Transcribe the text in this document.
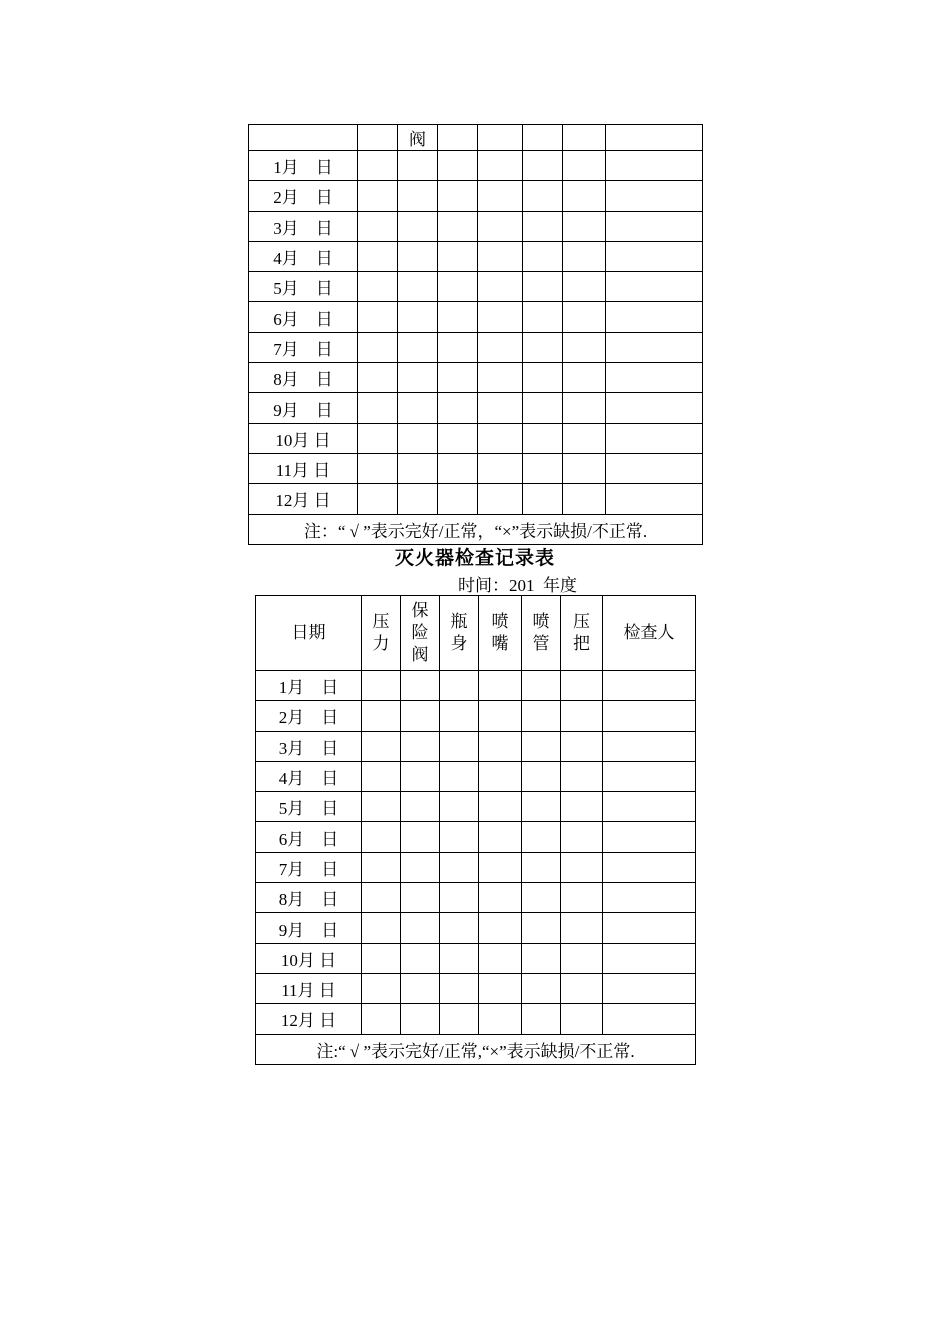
		阀					
1月　日							
2月　日							
3月　日							
4月　日							
5月　日							
6月　日							
7月　日							
8月　日							
9月　日							
10月 日							
11月 日							
12月 日							
注：“ √ ”表示完好/正常，“×”表示缺损/不正常.							
灭火器检查记录表
时间：201  年度
日期	压力	保险阀	瓶身	喷嘴	喷管	压把	检查人
1月　日							
2月　日							
3月　日							
4月　日							
5月　日							
6月　日							
7月　日							
8月　日							
9月　日							
10月 日							
11月 日							
12月 日							
注:“ √ ”表示完好/正常,“×”表示缺损/不正常.							
